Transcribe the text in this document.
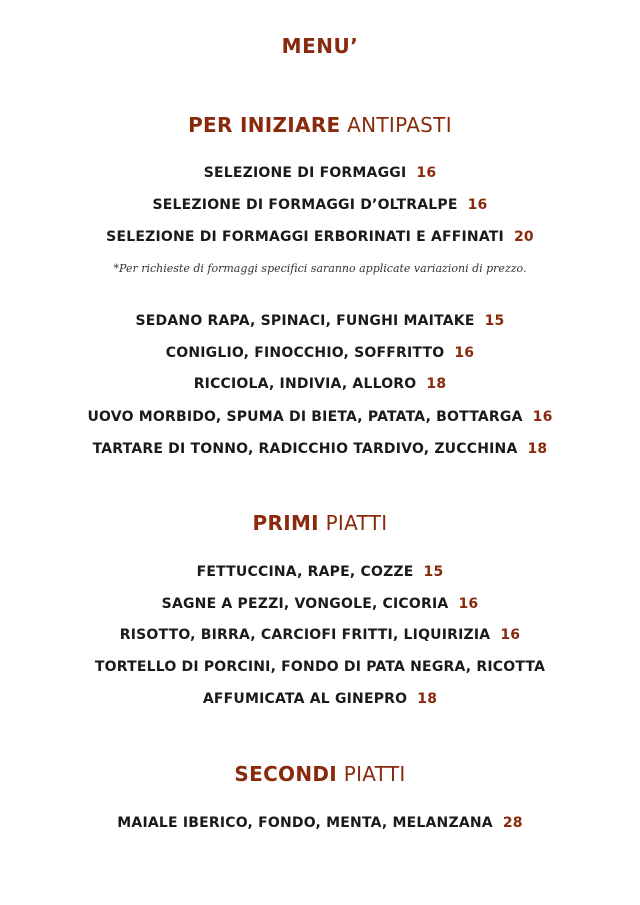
MENU’
PER INIZIARE ANTIPASTI
SELEZIONE DI FORMAGGI 16
SELEZIONE DI FORMAGGI D’OLTRALPE 16
SELEZIONE DI FORMAGGI ERBORINATI E AFFINATI 20
*Per richieste di formaggi specifici saranno applicate variazioni di prezzo.
SEDANO RAPA, SPINACI, FUNGHI MAITAKE 15
CONIGLIO, FINOCCHIO, SOFFRITTO 16
RICCIOLA, INDIVIA, ALLORO 18
UOVO MORBIDO, SPUMA DI BIETA, PATATA, BOTTARGA 16
TARTARE DI TONNO, RADICCHIO TARDIVO, ZUCCHINA 18
PRIMI PIATTI
FETTUCCINA, RAPE, COZZE 15
SAGNE A PEZZI, VONGOLE, CICORIA 16
RISOTTO, BIRRA, CARCIOFI FRITTI, LIQUIRIZIA 16
TORTELLO DI PORCINI, FONDO DI PATA NEGRA, RICOTTA
AFFUMICATA AL GINEPRO 18
SECONDI PIATTI
MAIALE IBERICO, FONDO, MENTA, MELANZANA 28
